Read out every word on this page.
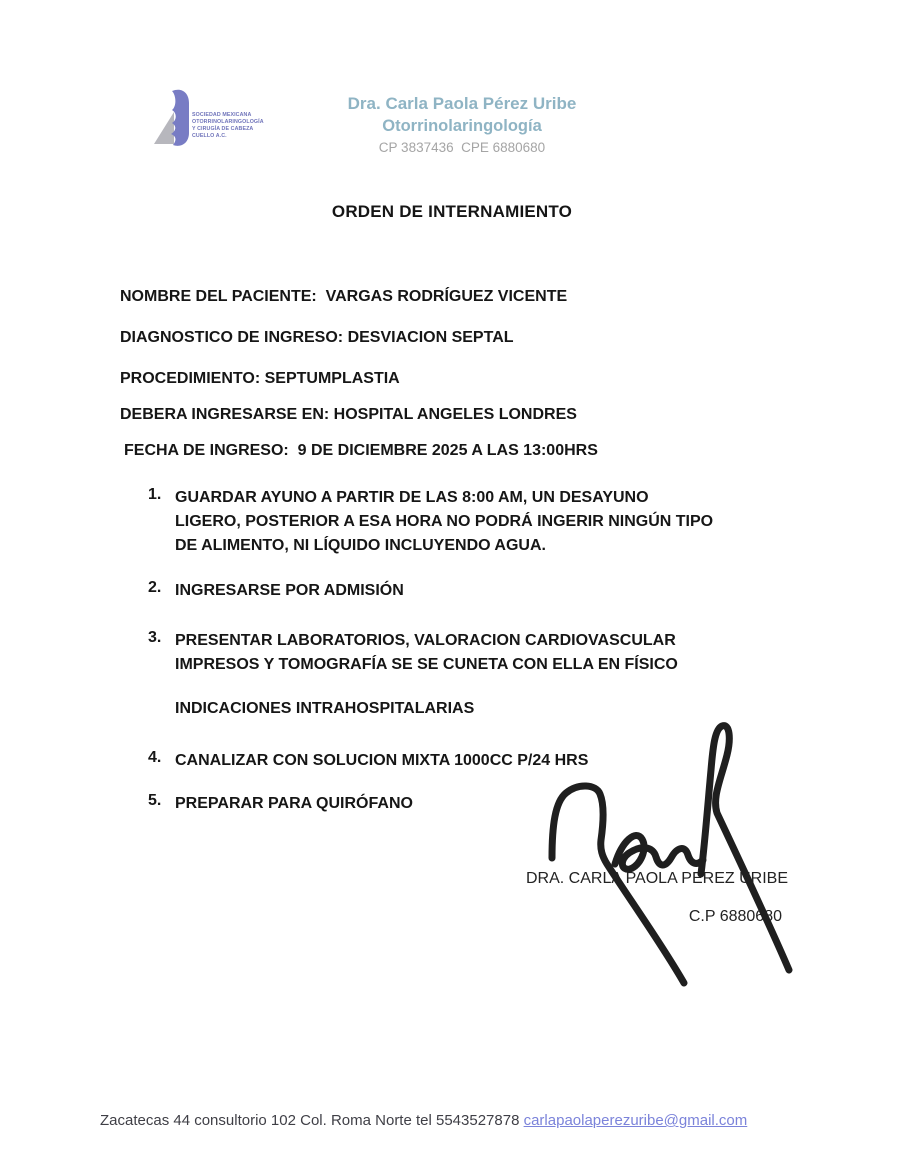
SOCIEDAD MEXICANA
OTORRINOLARINGOLOGÍA
Y CIRUGÍA DE CABEZA
CUELLO A.C.
Dra. Carla Paola Pérez Uribe
Otorrinolaringología
CP 3837436  CPE 6880680
ORDEN DE INTERNAMIENTO
NOMBRE DEL PACIENTE:  VARGAS RODRÍGUEZ VICENTE
DIAGNOSTICO DE INGRESO: DESVIACION SEPTAL
PROCEDIMIENTO: SEPTUMPLASTIA
DEBERA INGRESARSE EN: HOSPITAL ANGELES LONDRES
FECHA DE INGRESO:  9 DE DICIEMBRE 2025 A LAS 13:00HRS
1. GUARDAR AYUNO A PARTIR DE LAS 8:00 AM, UN DESAYUNO
LIGERO, POSTERIOR A ESA HORA NO PODRÁ INGERIR NINGÚN TIPO
DE ALIMENTO, NI LÍQUIDO INCLUYENDO AGUA.
2. INGRESARSE POR ADMISIÓN
3. PRESENTAR LABORATORIOS, VALORACION CARDIOVASCULAR
IMPRESOS Y TOMOGRAFÍA SE SE CUNETA CON ELLA EN FÍSICO
INDICACIONES INTRAHOSPITALARIAS
4. CANALIZAR CON SOLUCION MIXTA 1000CC P/24 HRS
5. PREPARAR PARA QUIRÓFANO
DRA. CARLA PAOLA PEREZ URIBE
C.P 6880680
Zacatecas 44 consultorio 102 Col. Roma Norte tel 5543527878 carlapaolaperezuribe@gmail.com
